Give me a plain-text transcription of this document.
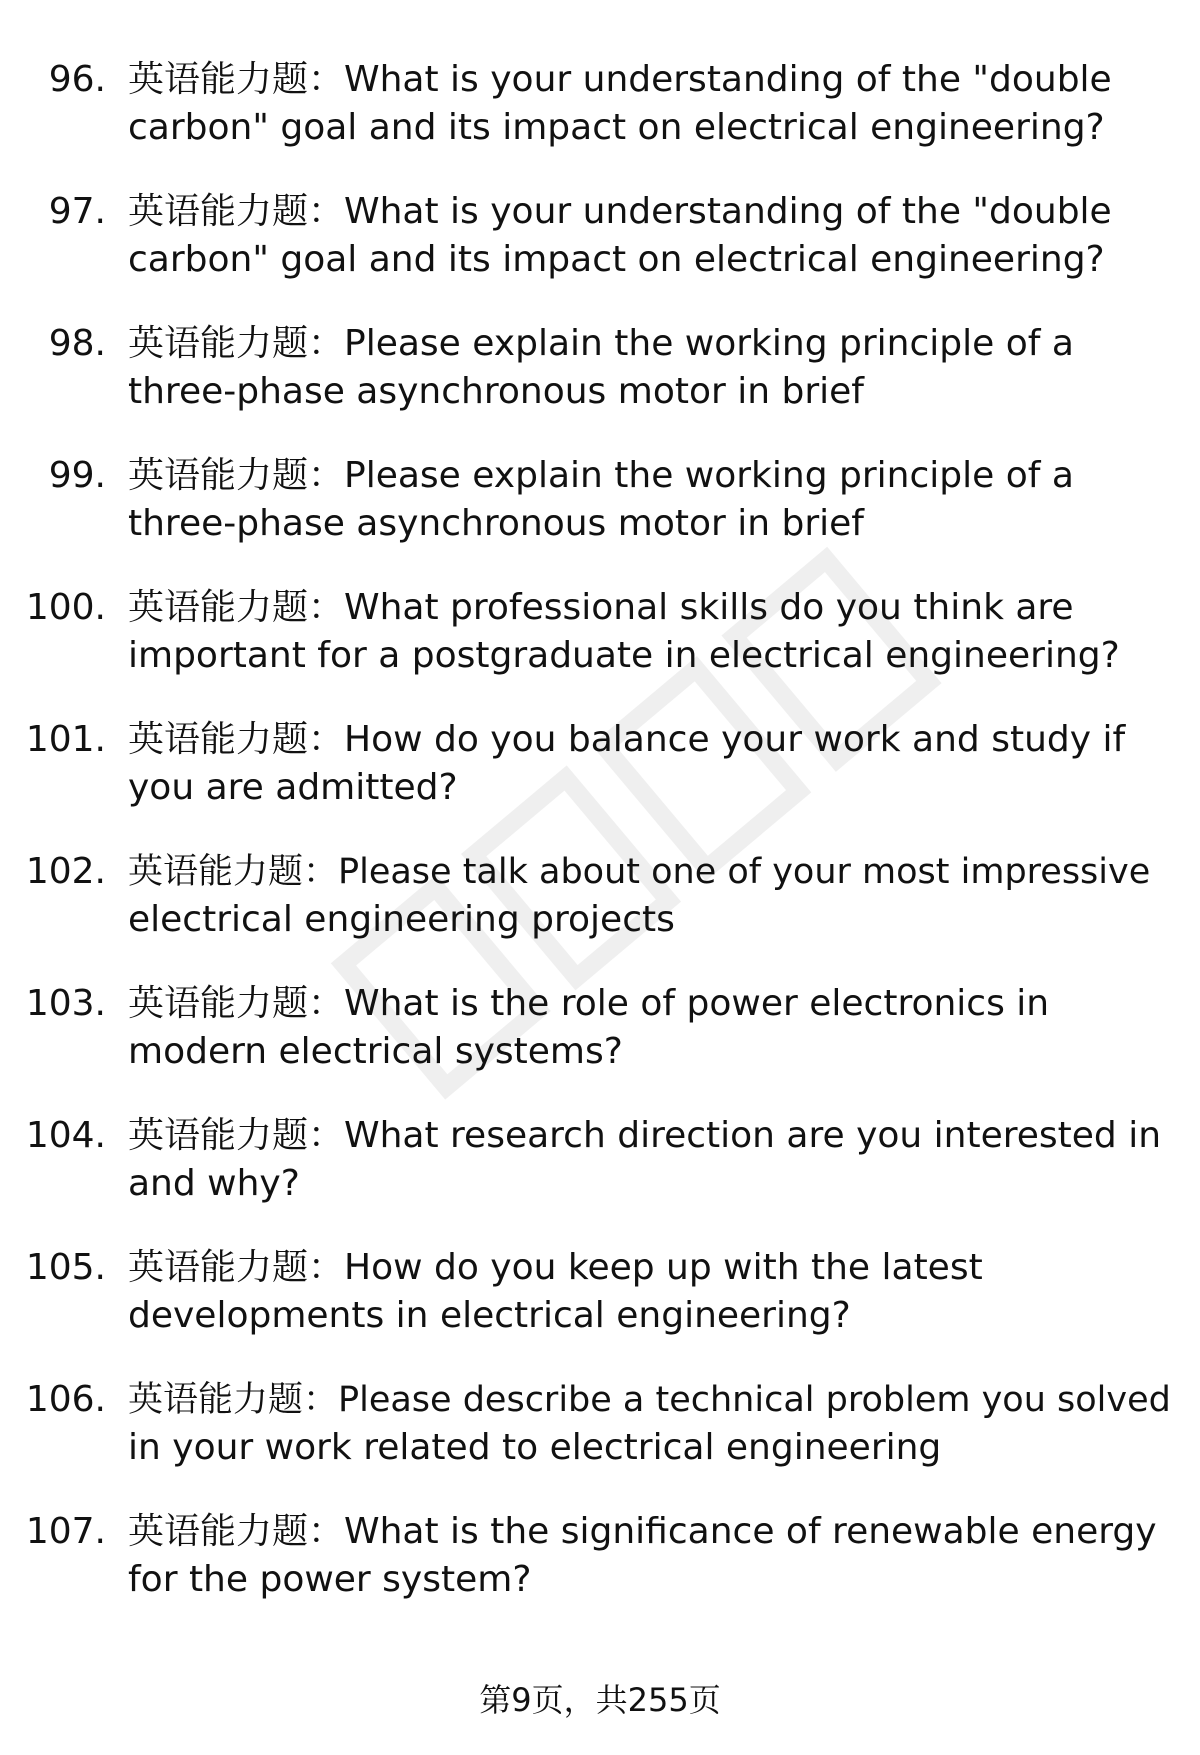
96. 英语能力题：What is your understanding of the "double
carbon" goal and its impact on electrical engineering?
97. 英语能力题：What is your understanding of the "double
carbon" goal and its impact on electrical engineering?
98. 英语能力题：Please explain the working principle of a
three-phase asynchronous motor in brief
99. 英语能力题：Please explain the working principle of a
three-phase asynchronous motor in brief
100. 英语能力题：What professional skills do you think are
important for a postgraduate in electrical engineering?
101. 英语能力题：How do you balance your work and study if
you are admitted?
102. 英语能力题：Please talk about one of your most impressive
electrical engineering projects
103. 英语能力题：What is the role of power electronics in
modern electrical systems?
104. 英语能力题：What research direction are you interested in
and why?
105. 英语能力题：How do you keep up with the latest
developments in electrical engineering?
106. 英语能力题：Please describe a technical problem you solved
in your work related to electrical engineering
107. 英语能力题：What is the significance of renewable energy
for the power system?
第9页，共255页
